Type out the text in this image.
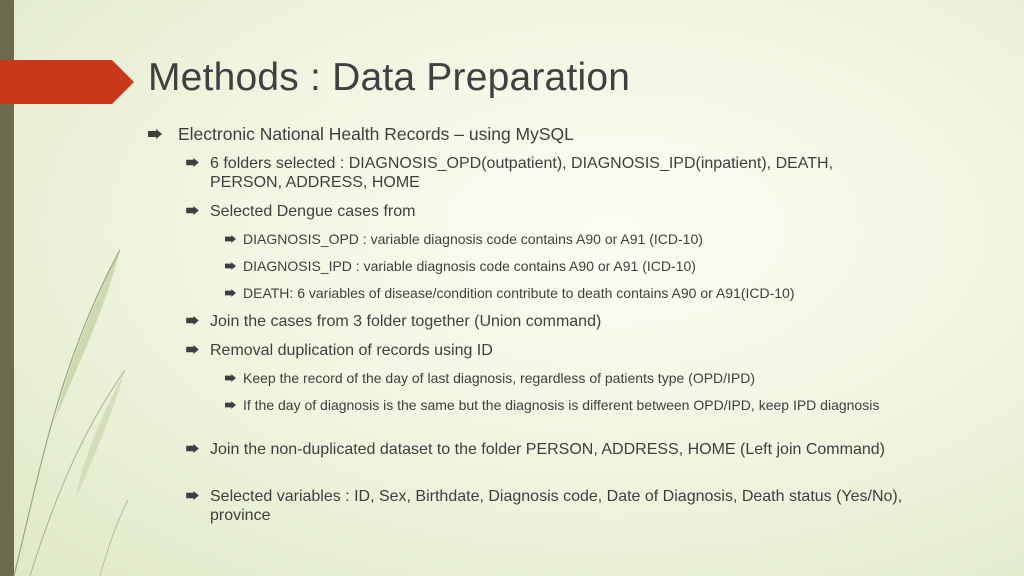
Methods : Data Preparation
Electronic National Health Records – using MySQL
6 folders selected : DIAGNOSIS_OPD(outpatient), DIAGNOSIS_IPD(inpatient), DEATH, PERSON, ADDRESS, HOME
Selected Dengue cases from
DIAGNOSIS_OPD : variable diagnosis code contains A90 or A91 (ICD-10)
DIAGNOSIS_IPD : variable diagnosis code contains A90 or A91 (ICD-10)
DEATH: 6 variables of disease/condition contribute to death contains A90 or A91(ICD-10)
Join the cases from 3 folder together (Union command)
Removal duplication of records using ID
Keep the record of the day of last diagnosis, regardless of patients type (OPD/IPD)
If the day of diagnosis is the same but the diagnosis is different between OPD/IPD, keep IPD diagnosis
Join the non-duplicated dataset to the folder PERSON, ADDRESS, HOME (Left join Command)
Selected variables : ID, Sex, Birthdate, Diagnosis code, Date of Diagnosis, Death status (Yes/No), province
